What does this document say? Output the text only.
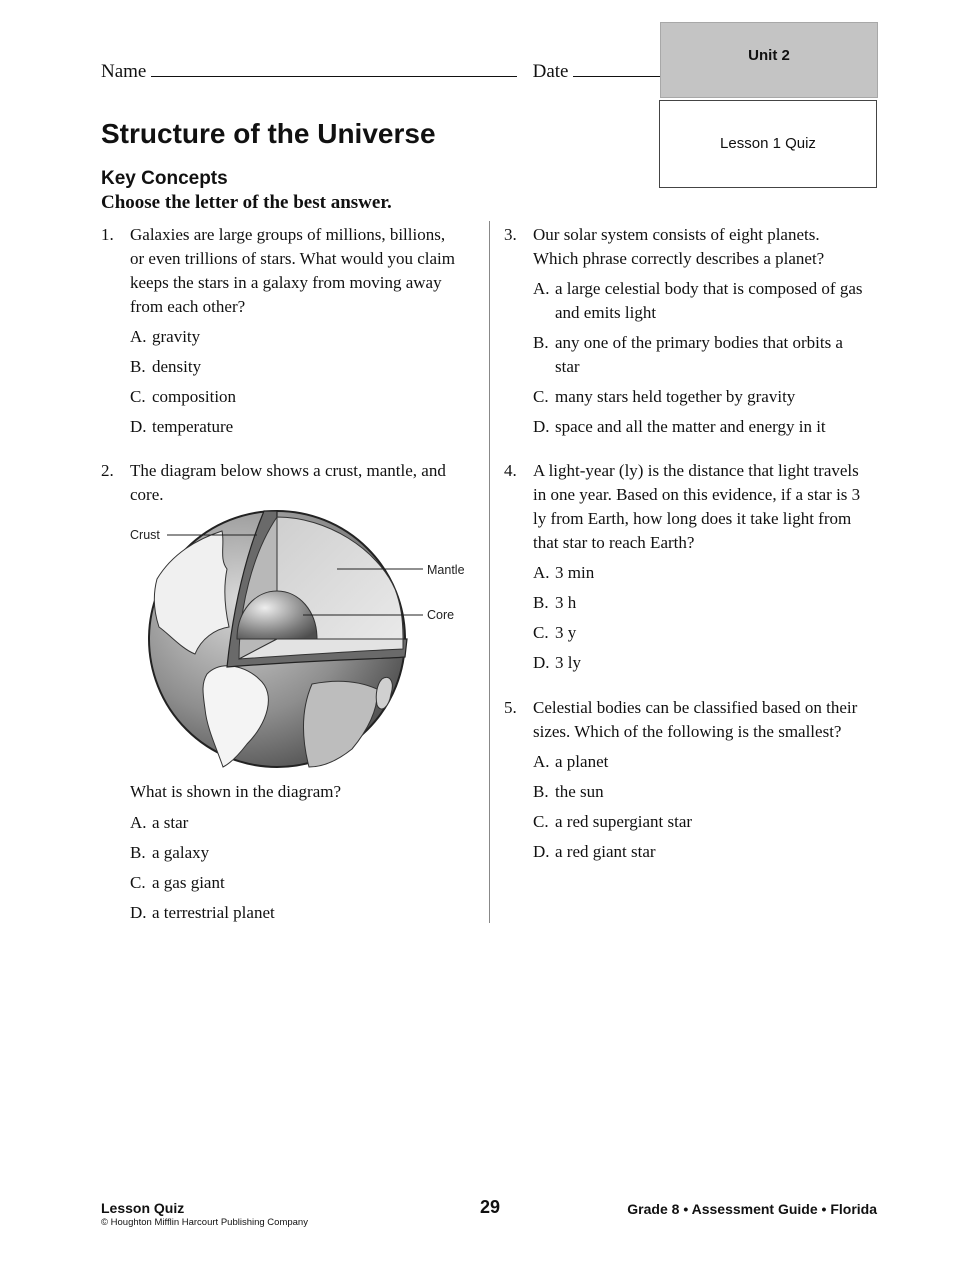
Name	Date
Unit 2
Lesson 1 Quiz
Structure of the Universe
Key Concepts
Choose the letter of the best answer.
1. Galaxies are large groups of millions, billions,
or even trillions of stars. What would you claim
keeps the stars in a galaxy from moving away
from each other?
A. gravity
B. density
C. composition
D. temperature
2. The diagram below shows a crust, mantle, and
core.
Crust
Mantle
Core
What is shown in the diagram?
A. a star
B. a galaxy
C. a gas giant
D. a terrestrial planet
3. Our solar system consists of eight planets.
Which phrase correctly describes a planet?
A. a large celestial body that is composed of gas
and emits light
B. any one of the primary bodies that orbits a
star
C. many stars held together by gravity
D. space and all the matter and energy in it
4. A light-year (ly) is the distance that light travels
in one year. Based on this evidence, if a star is 3
ly from Earth, how long does it take light from
that star to reach Earth?
A. 3 min
B. 3 h
C. 3 y
D. 3 ly
5. Celestial bodies can be classified based on their
sizes. Which of the following is the smallest?
A. a planet
B. the sun
C. a red supergiant star
D. a red giant star
Lesson Quiz
© Houghton Mifflin Harcourt Publishing Company
29	Grade 8 • Assessment Guide • Florida
